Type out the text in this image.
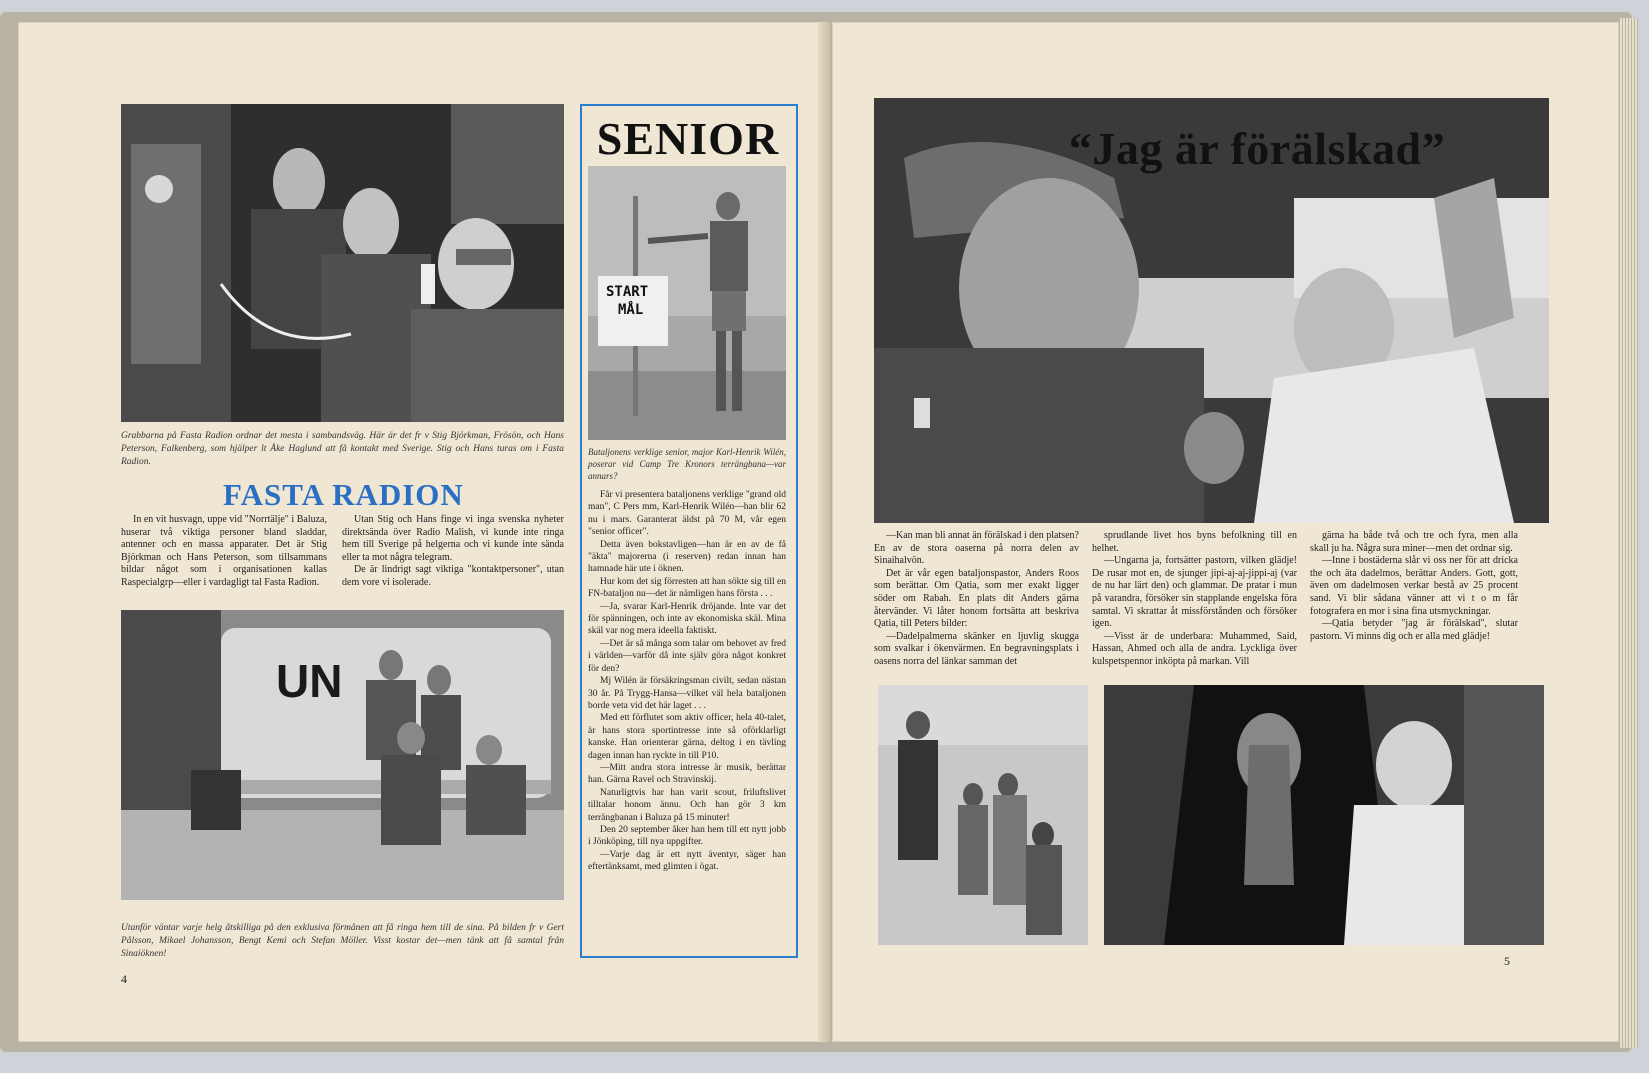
Grabbarna på Fasta Radion ordnar det mesta i sambandsväg. Här är det fr v Stig Björkman, Frösön, och Hans Peterson, Falkenberg, som hjälper lt Åke Haglund att få kontakt med Sverige. Stig och Hans turas om i Fasta Radion.
FASTA RADION

In en vit husvagn, uppe vid "Norrtälje" i Baluza, huserar två viktiga personer bland sladdar, antenner och en massa apparater. Det är Stig Björkman och Hans Peterson, som tillsammans bildar något som i organisationen kallas Raspecialgrp—eller i vardagligt tal Fasta Radion.

Utan Stig och Hans finge vi inga svenska nyheter direktsända över Radio Malish, vi kunde inte ringa hem till Sverige på helgerna och vi kunde inte sända eller ta mot några telegram.

De är lindrigt sagt viktiga "kontaktpersoner", utan dem vore vi isolerade.

UN
Utanför väntar varje helg åtskilliga på den exklusiva förmånen att få ringa hem till de sina. På bilden fr v Gert Pålsson, Mikael Johansson, Bengt Kemi och Stefan Möller. Visst kostar det—men tänk att få samtal från Sinaiöknen!
4
SENIOR
START
MÅL
Bataljonens verklige senior, major Karl-Henrik Wilén, poserar vid Camp Tre Kronors terrängbana—var annars?

Får vi presentera bataljonens verklige "grand old man", C Pers mm, Karl-Henrik Wilén—han blir 62 nu i mars. Garanterat äldst på 70 M, vår egen "senior officer".

Detta även bokstavligen—han är en av de få "äkta" majorerna (i reserven) redan innan han hamnade här ute i öknen.

Hur kom det sig förresten att han sökte sig till en FN-bataljon nu—det är nämligen hans första . . .

—Ja, svarar Karl-Henrik dröjande. Inte var det för spänningen, och inte av ekonomiska skäl. Mina skäl var nog mera ideella faktiskt.

—Det är så många som talar om behovet av fred i världen—varför då inte själv göra något konkret för den?

Mj Wilén är försäkringsman civilt, sedan nästan 30 år. På Trygg-Hansa—vilket väl hela bataljonen borde veta vid det här laget . . .

Med ett förflutet som aktiv officer, hela 40-talet, är hans stora sportintresse inte så oförklarligt kanske. Han orienterar gärna, deltog i en tävling dagen innan han ryckte in till P10.

—Mitt andra stora intresse är musik, berättar han. Gärna Ravel och Stravinskij.

Naturligtvis har han varit scout, friluftslivet tilltalar honom ännu. Och han gör 3 km terrängbanan i Baluza på 15 minuter!

Den 20 september åker han hem till ett nytt jobb i Jönköping, till nya uppgifter.

—Varje dag är ett nytt äventyr, säger han eftertänksamt, med glimten i ögat.

“Jag är förälskad”

—Kan man bli annat än förälskad i den platsen? En av de stora oaserna på norra delen av Sinaihalvön.

Det är vår egen bataljonspastor, Anders Roos som berättar. Om Qatia, som mer exakt ligger söder om Rabah. En plats dit Anders gärna återvänder. Vi låter honom fortsätta att beskriva Qatia, till Peters bilder:

—Dadelpalmerna skänker en ljuvlig skugga som svalkar i ökenvärmen. En begravningsplats i oasens norra del länkar samman det

sprudlande livet hos byns befolkning till en helhet.

—Ungarna ja, fortsätter pastorn, vilken glädje! De rusar mot en, de sjunger jipi-aj-aj-jippi-aj (var de nu har lärt den) och glammar. De pratar i mun på varandra, försöker sin stapplande engelska föra samtal. Vi skrattar åt missförstånden och försöker igen.

—Visst är de underbara: Muhammed, Said, Hassan, Ahmed och alla de andra. Lyckliga över kulspetspennor inköpta på markan. Vill

gärna ha både två och tre och fyra, men alla skall ju ha. Några sura miner—men det ordnar sig.

—Inne i bostäderna slår vi oss ner för att dricka the och äta dadelmos, berättar Anders. Gott, gott, även om dadelmosen verkar bestå av 25 procent sand. Vi blir sådana vänner att vi t o m får fotografera en mor i sina fina utsmyckningar.

—Qatia betyder "jag är förälskad", slutar pastorn. Vi minns dig och er alla med glädje!

5
